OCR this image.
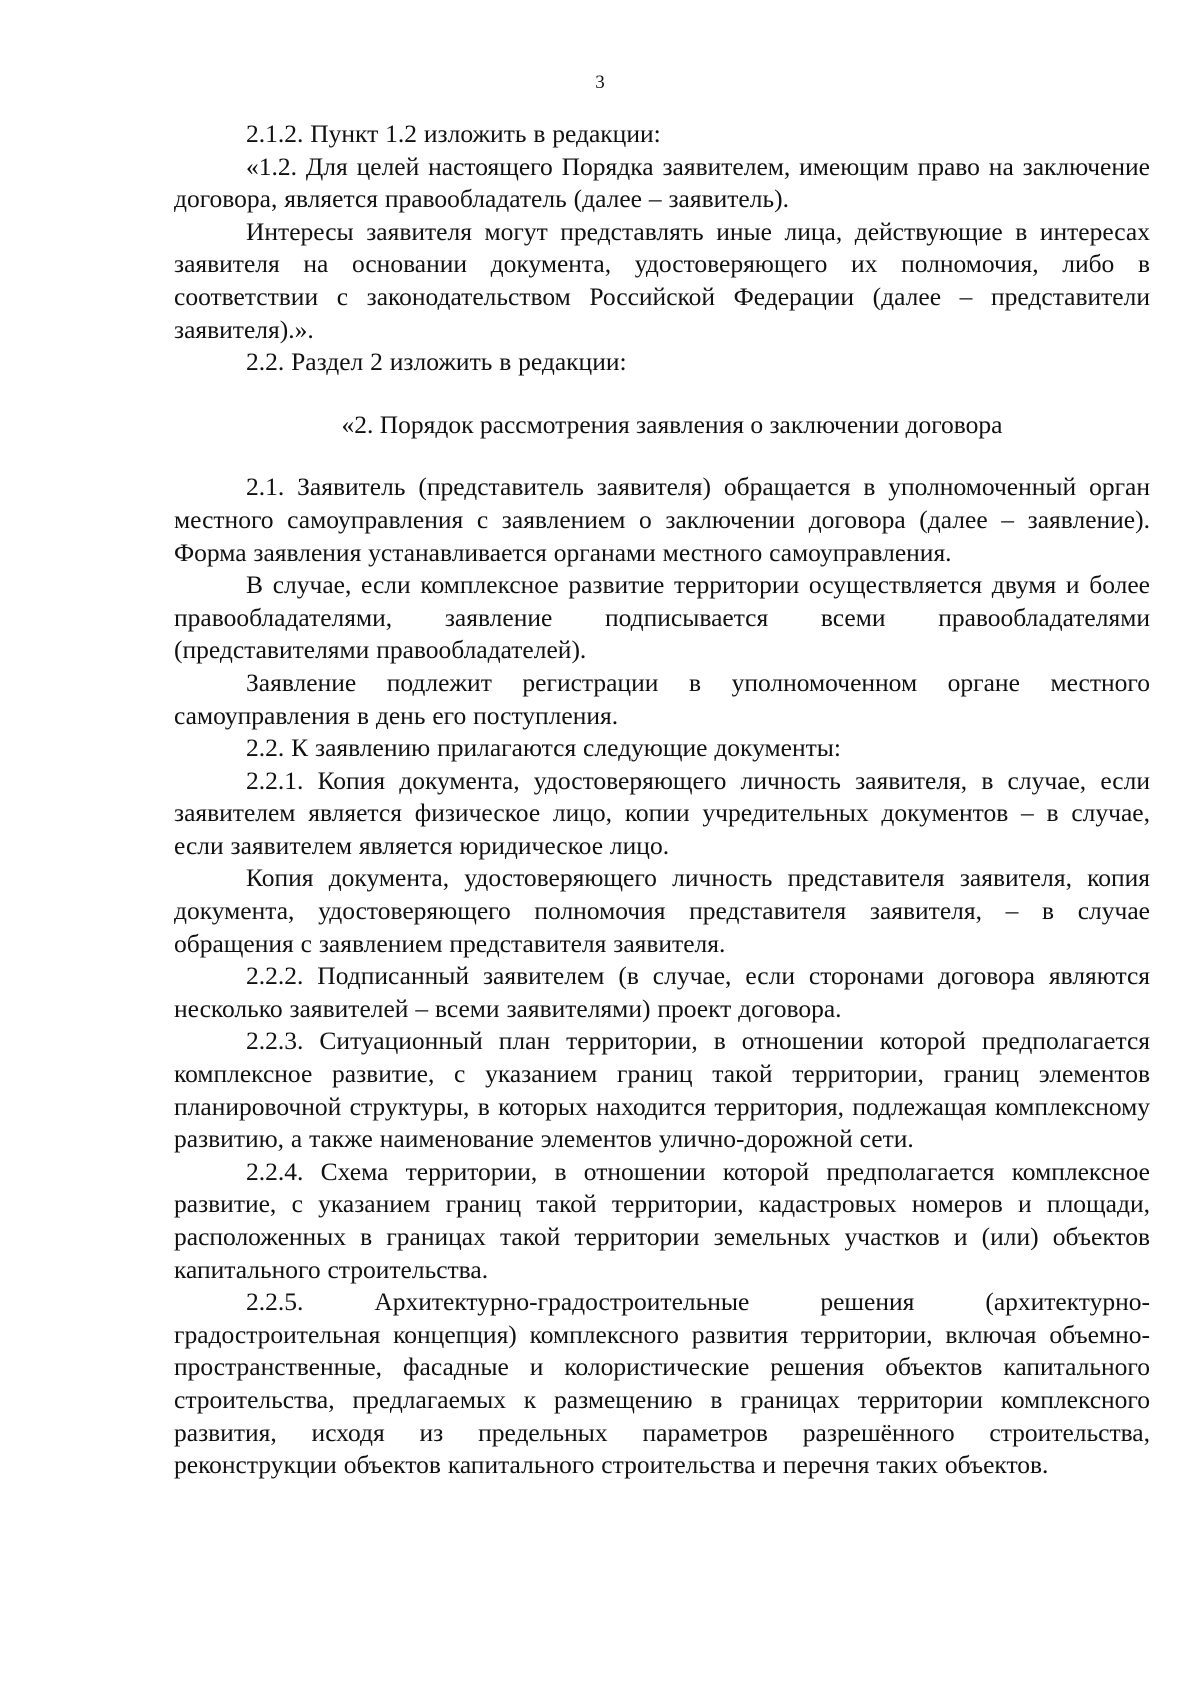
3

2.1.2. Пункт 1.2 изложить в редакции:

«1.2. Для целей настоящего Порядка заявителем, имеющим право на заключение договора, является правообладатель (далее – заявитель).

Интересы заявителя могут представлять иные лица, действующие в интересах заявителя на основании документа, удостоверяющего их полномочия, либо в соответствии с законодательством Российской Федерации (далее – представители заявителя).».

2.2. Раздел 2 изложить в редакции:

«2. Порядок рассмотрения заявления о заключении договора

2.1. Заявитель (представитель заявителя) обращается в уполномоченный орган местного самоуправления с заявлением о заключении договора (далее – заявление). Форма заявления устанавливается органами местного самоуправления.

В случае, если комплексное развитие территории осуществляется двумя и более правообладателями, заявление подписывается всеми правообладателями (представителями правообладателей).

Заявление подлежит регистрации в уполномоченном органе местного самоуправления в день его поступления.

2.2. К заявлению прилагаются следующие документы:

2.2.1. Копия документа, удостоверяющего личность заявителя, в случае, если заявителем является физическое лицо, копии учредительных документов – в случае, если заявителем является юридическое лицо.

Копия документа, удостоверяющего личность представителя заявителя, копия документа, удостоверяющего полномочия представителя заявителя, – в случае обращения с заявлением представителя заявителя.

2.2.2. Подписанный заявителем (в случае, если сторонами договора являются несколько заявителей – всеми заявителями) проект договора.

2.2.3. Ситуационный план территории, в отношении которой предполагается комплексное развитие, с указанием границ такой территории, границ элементов планировочной структуры, в которых находится территория, подлежащая комплексному развитию, а также наименование элементов улично-дорожной сети.

2.2.4. Схема территории, в отношении которой предполагается комплексное развитие, с указанием границ такой территории, кадастровых номеров и площади, расположенных в границах такой территории земельных участков и (или) объектов капитального строительства.

2.2.5. Архитектурно-градостроительные решения (архитектурно-градостроительная концепция) комплексного развития территории, включая объемно-пространственные, фасадные и колористические решения объектов капитального строительства, предлагаемых к размещению в границах территории комплексного развития, исходя из предельных параметров разрешённого строительства, реконструкции объектов капитального строительства и перечня таких объектов.
